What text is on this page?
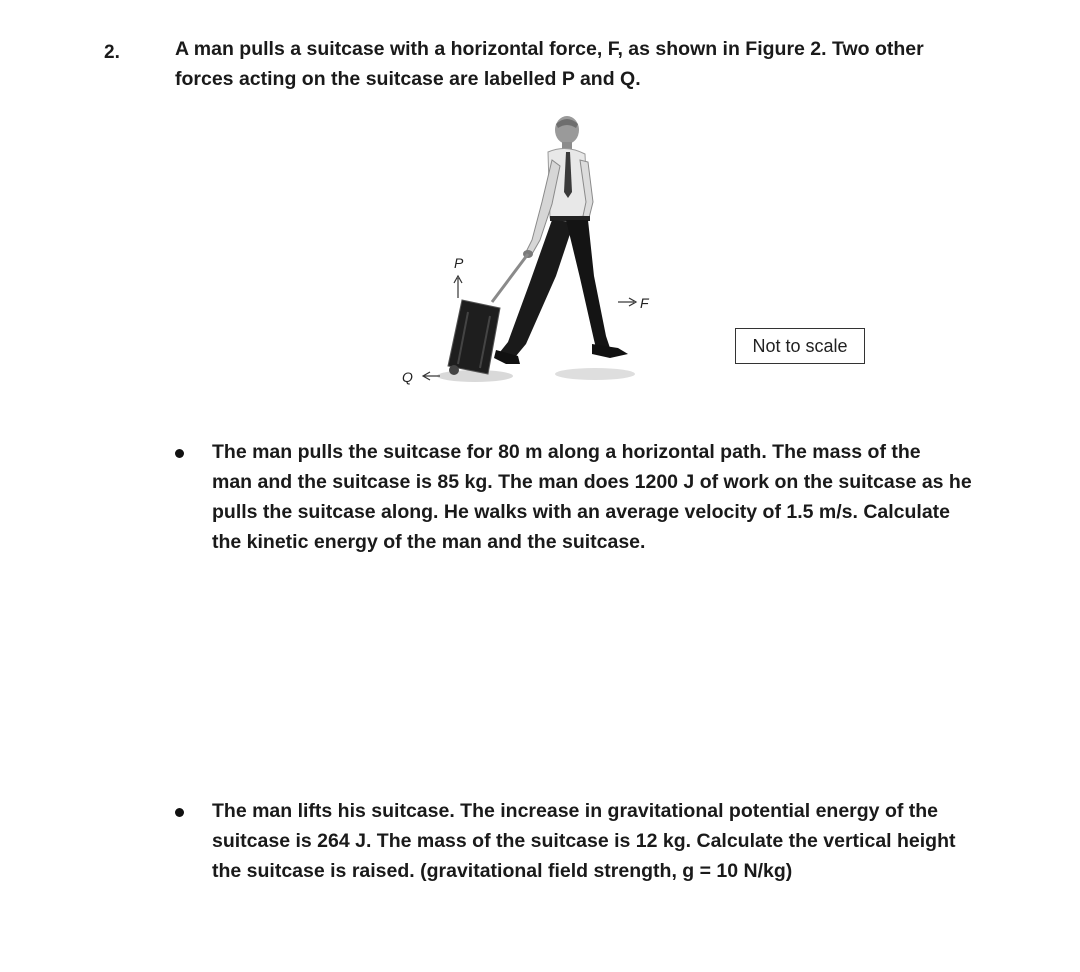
2.	A man pulls a suitcase with a horizontal force, F, as shown in Figure 2. Two other
forces acting on the suitcase are labelled P and Q.
P
F
Q
Not to scale
The man pulls the suitcase for 80 m along a horizontal path. The mass of the
man and the suitcase is 85 kg. The man does 1200 J of work on the suitcase as he
pulls the suitcase along. He walks with an average velocity of 1.5 m/s. Calculate
the kinetic energy of the man and the suitcase.
The man lifts his suitcase. The increase in gravitational potential energy of the
suitcase is 264 J. The mass of the suitcase is 12 kg. Calculate the vertical height
the suitcase is raised. (gravitational field strength, g = 10 N/kg)
